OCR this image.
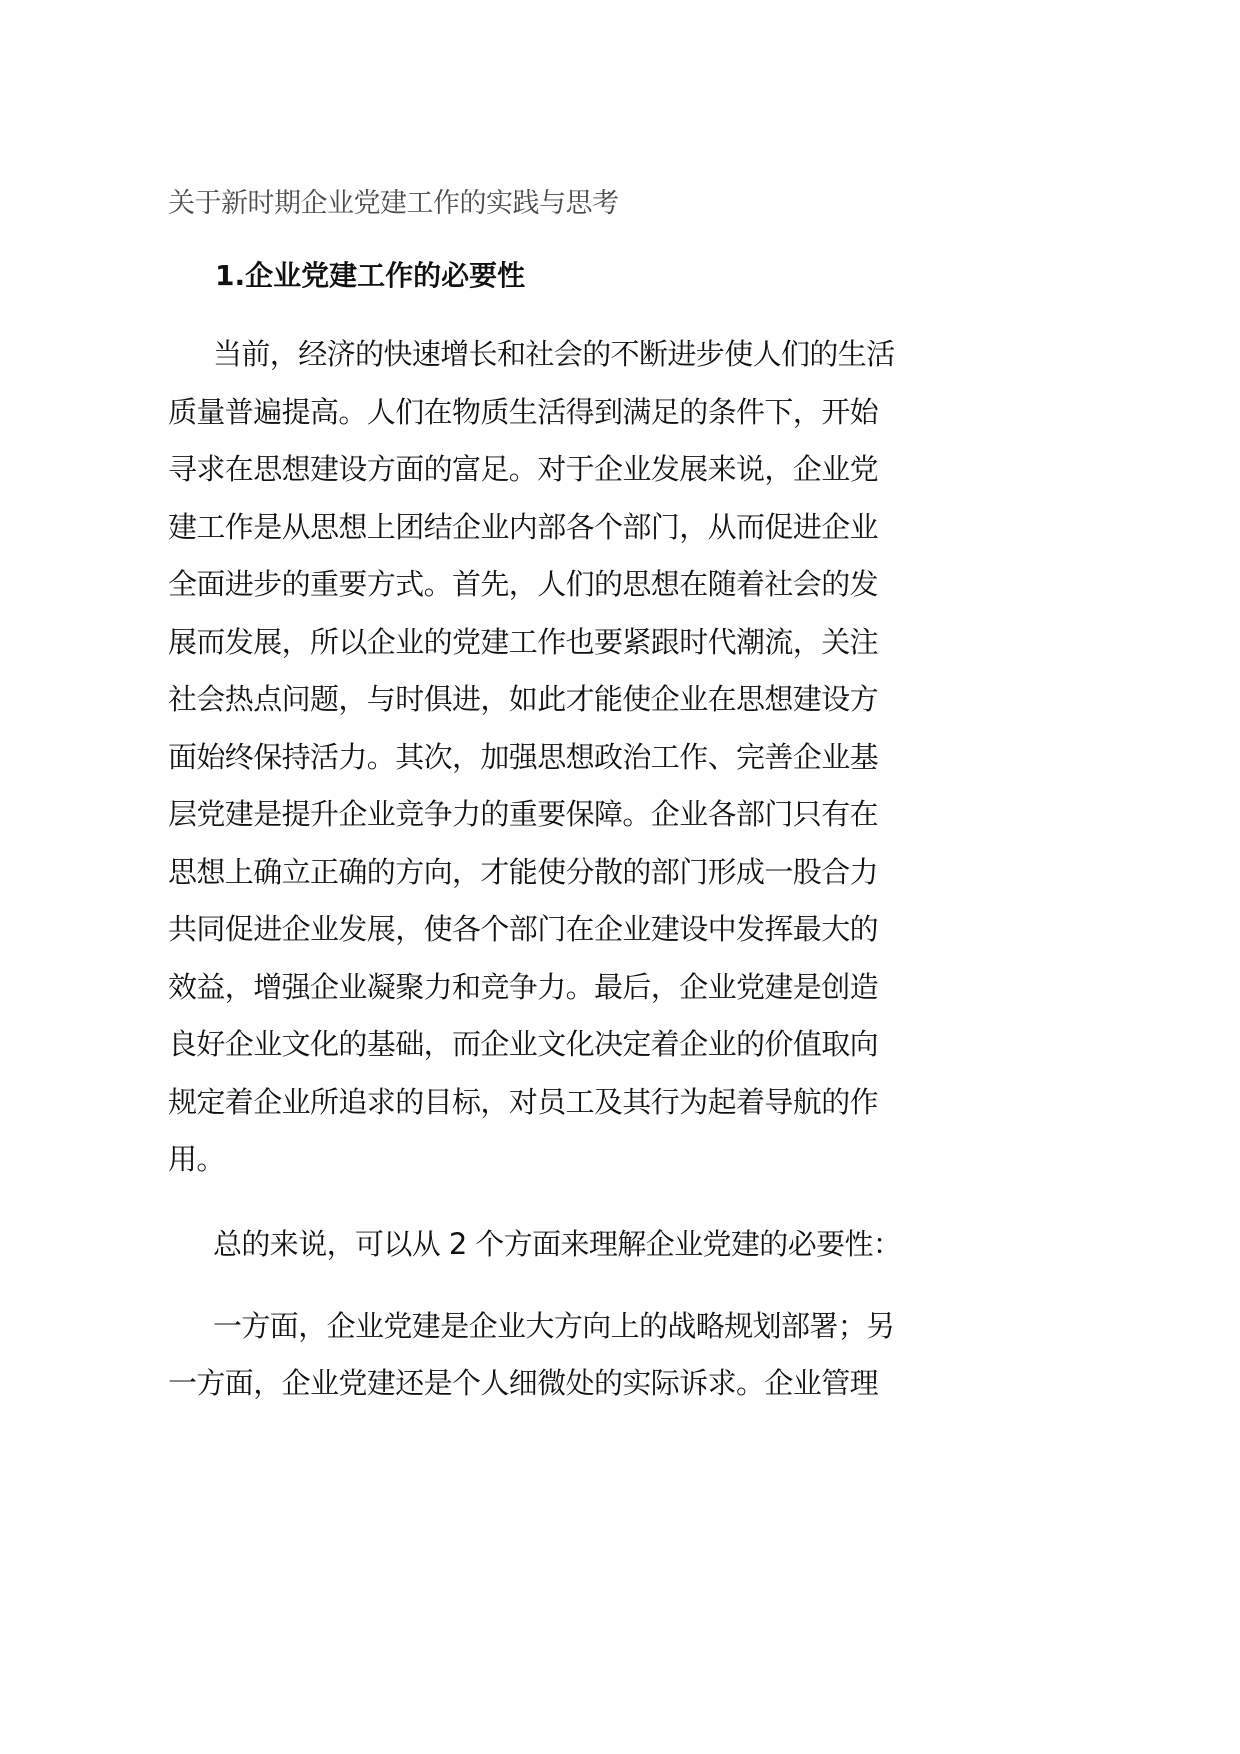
关于新时期企业党建工作的实践与思考
1.企业党建工作的必要性
当前，经济的快速增长和社会的不断进步使人们的生活
质量普遍提高。人们在物质生活得到满足的条件下，开始
寻求在思想建设方面的富足。对于企业发展来说，企业党
建工作是从思想上团结企业内部各个部门，从而促进企业
全面进步的重要方式。首先，人们的思想在随着社会的发
展而发展，所以企业的党建工作也要紧跟时代潮流，关注
社会热点问题，与时俱进，如此才能使企业在思想建设方
面始终保持活力。其次，加强思想政治工作、完善企业基
层党建是提升企业竞争力的重要保障。企业各部门只有在
思想上确立正确的方向，才能使分散的部门形成一股合力
共同促进企业发展，使各个部门在企业建设中发挥最大的
效益，增强企业凝聚力和竞争力。最后，企业党建是创造
良好企业文化的基础，而企业文化决定着企业的价值取向
规定着企业所追求的目标，对员工及其行为起着导航的作
用。
总的来说，可以从 2 个方面来理解企业党建的必要性：
一方面，企业党建是企业大方向上的战略规划部署；另
一方面，企业党建还是个人细微处的实际诉求。企业管理
